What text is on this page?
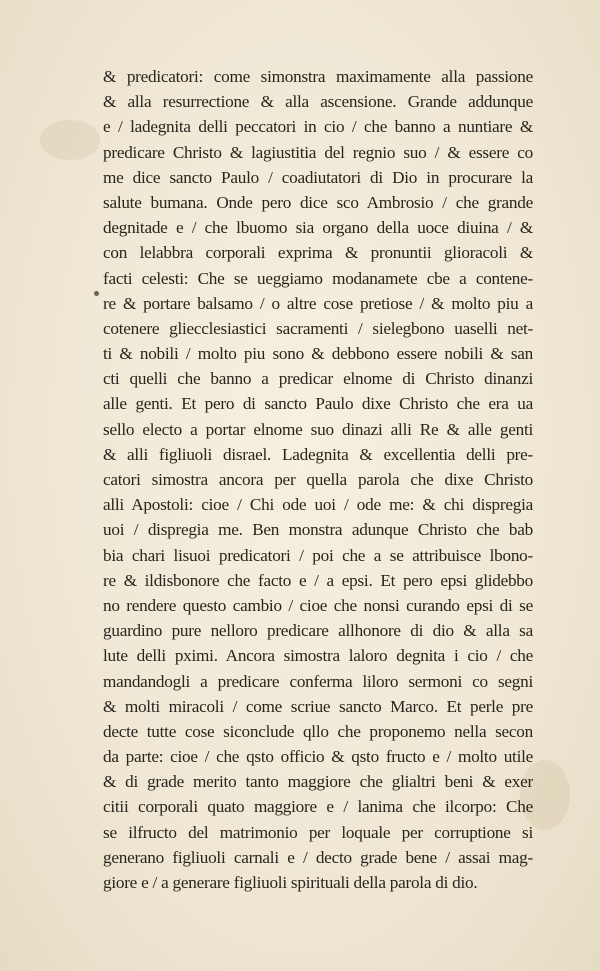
& predicatori: come simonstra maximamente alla passione
& alla resurrectione & alla ascensione. Grande addunque
e / ladegnita delli peccatori in cio / che banno a nuntiare &
predicare Christo & lagiustitia del regnio suo / & essere co
me dice sancto Paulo / coadiutatori di Dio in procurare la
salute bumana. Onde pero dice sco Ambrosio / che grande
degnitade e / che lbuomo sia organo della uoce diuina / &
con lelabbra corporali exprima & pronuntii glioracoli &
facti celesti: Che se ueggiamo modanamete cbe a contene-
re & portare balsamo / o altre cose pretiose / & molto piu a
cotenere gliecclesiastici sacramenti / sielegbono uaselli net-
ti & nobili / molto piu sono & debbono essere nobili & san
cti quelli che banno a predicar elnome di Christo dinanzi
alle genti. Et pero di sancto Paulo dixe Christo che era ua
sello electo a portar elnome suo dinazi alli Re & alle genti
& alli figliuoli disrael. Ladegnita & excellentia delli pre-
catori simostra ancora per quella parola che dixe Christo
alli Apostoli: cioe / Chi ode uoi / ode me: & chi dispregia
uoi / dispregia me. Ben monstra adunque Christo che bab
bia chari lisuoi predicatori / poi che a se attribuisce lbono-
re & ildisbonore che facto e / a epsi. Et pero epsi glidebbo
no rendere questo cambio / cioe che nonsi curando epsi di se
guardino pure nelloro predicare allhonore di dio & alla sa
lute delli pximi. Ancora simostra laloro degnita i cio / che
mandandogli a predicare conferma liloro sermoni co segni
& molti miracoli / come scriue sancto Marco. Et perle pre
decte tutte cose siconclude qllo che proponemo nella secon
da parte: cioe / che qsto officio & qsto fructo e / molto utile
& di grade merito tanto maggiore che glialtri beni & exer
citii corporali quato maggiore e / lanima che ilcorpo: Che
se ilfructo del matrimonio per loquale per corruptione si
generano figliuoli carnali e / decto grade bene / assai mag-
giore e / a generare figliuoli spirituali della parola di dio.
